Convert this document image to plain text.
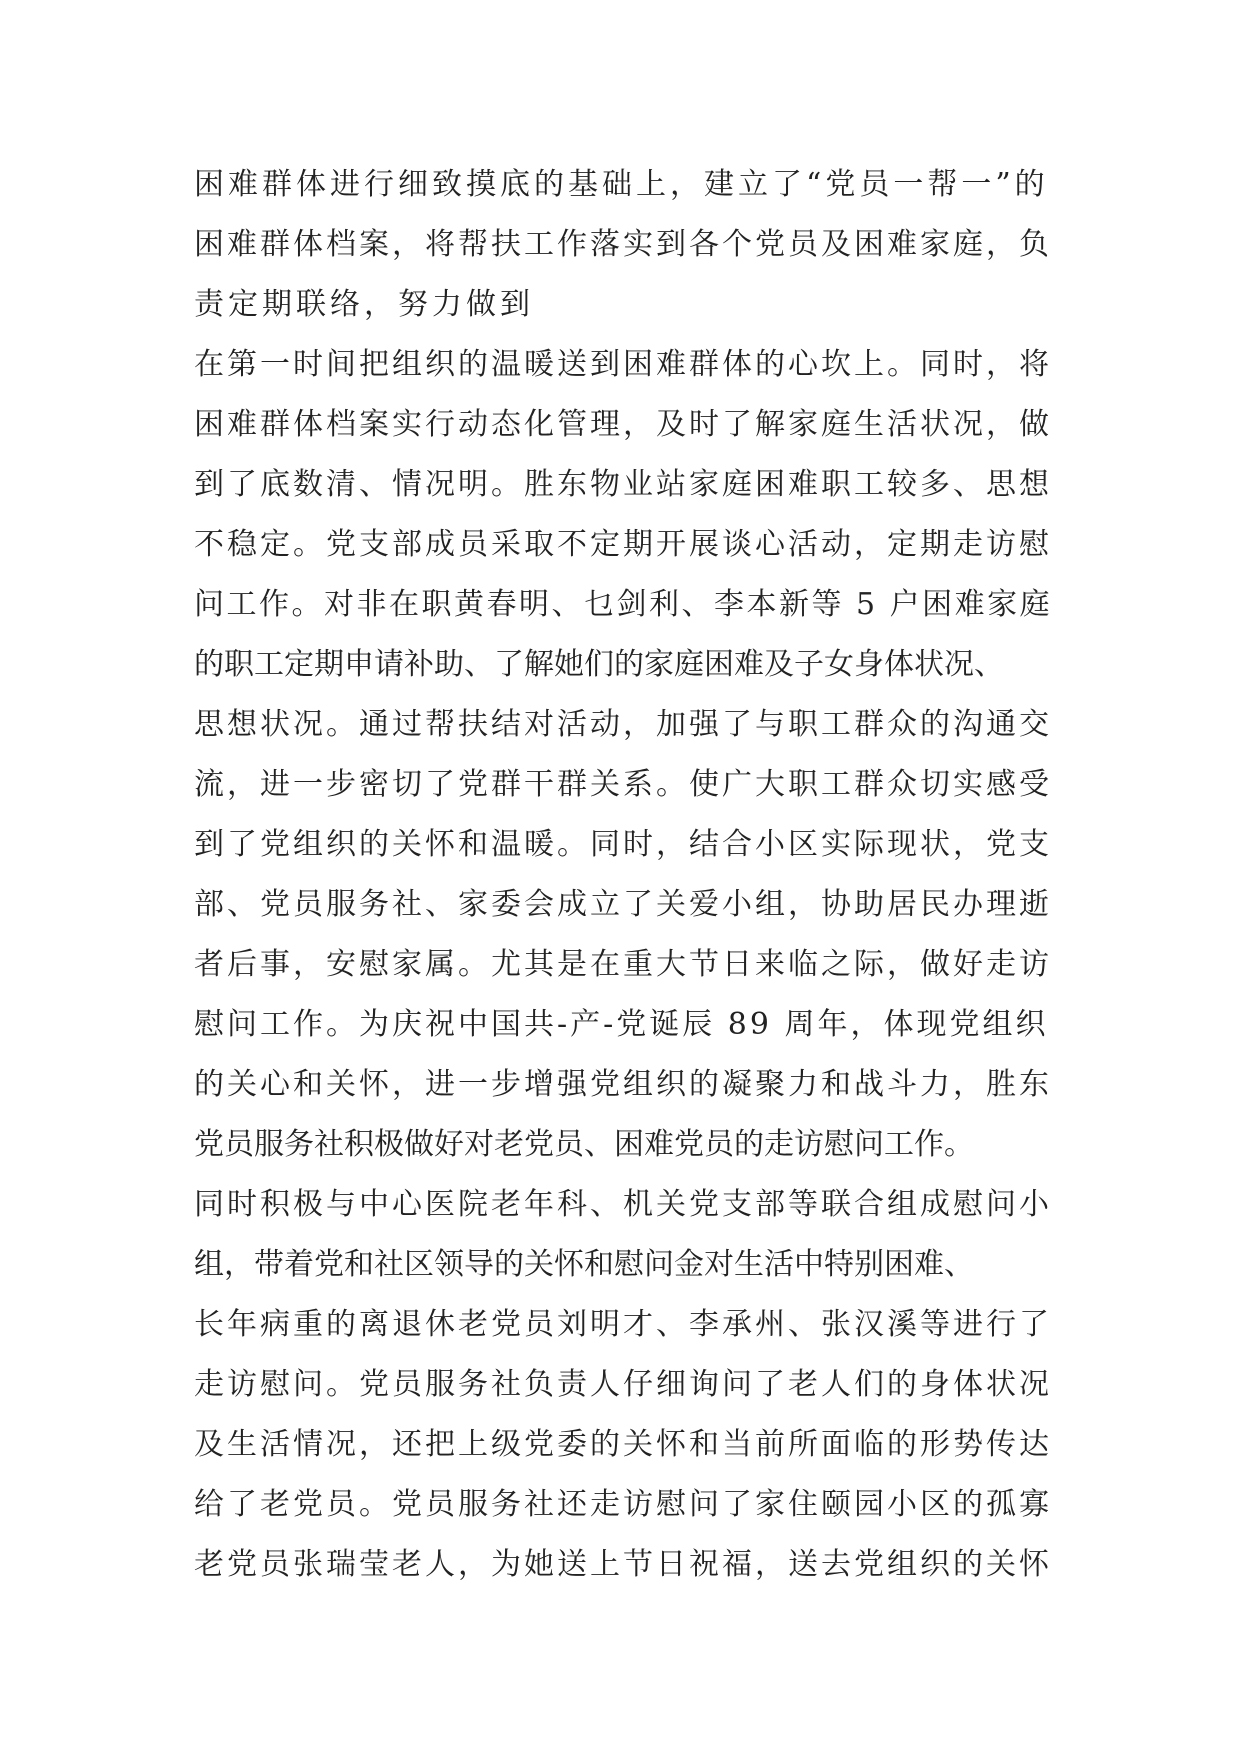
困难群体进行细致摸底的基础上，建立了“党员一帮一”的
困难群体档案，将帮扶工作落实到各个党员及困难家庭，负
责定期联络，努力做到
在第一时间把组织的温暖送到困难群体的心坎上。同时，将
困难群体档案实行动态化管理，及时了解家庭生活状况，做
到了底数清、情况明。胜东物业站家庭困难职工较多、思想
不稳定。党支部成员采取不定期开展谈心活动，定期走访慰
问工作。对非在职黄春明、乜剑利、李本新等 5 户困难家庭
的职工定期申请补助、了解她们的家庭困难及子女身体状况、
思想状况。通过帮扶结对活动，加强了与职工群众的沟通交
流，进一步密切了党群干群关系。使广大职工群众切实感受
到了党组织的关怀和温暖。同时，结合小区实际现状，党支
部、党员服务社、家委会成立了关爱小组，协助居民办理逝
者后事，安慰家属。尤其是在重大节日来临之际，做好走访
慰问工作。为庆祝中国共-产-党诞辰 89 周年，体现党组织
的关心和关怀，进一步增强党组织的凝聚力和战斗力，胜东
党员服务社积极做好对老党员、困难党员的走访慰问工作。
同时积极与中心医院老年科、机关党支部等联合组成慰问小
组，带着党和社区领导的关怀和慰问金对生活中特别困难、
长年病重的离退休老党员刘明才、李承州、张汉溪等进行了
走访慰问。党员服务社负责人仔细询问了老人们的身体状况
及生活情况，还把上级党委的关怀和当前所面临的形势传达
给了老党员。党员服务社还走访慰问了家住颐园小区的孤寡
老党员张瑞莹老人，为她送上节日祝福，送去党组织的关怀
